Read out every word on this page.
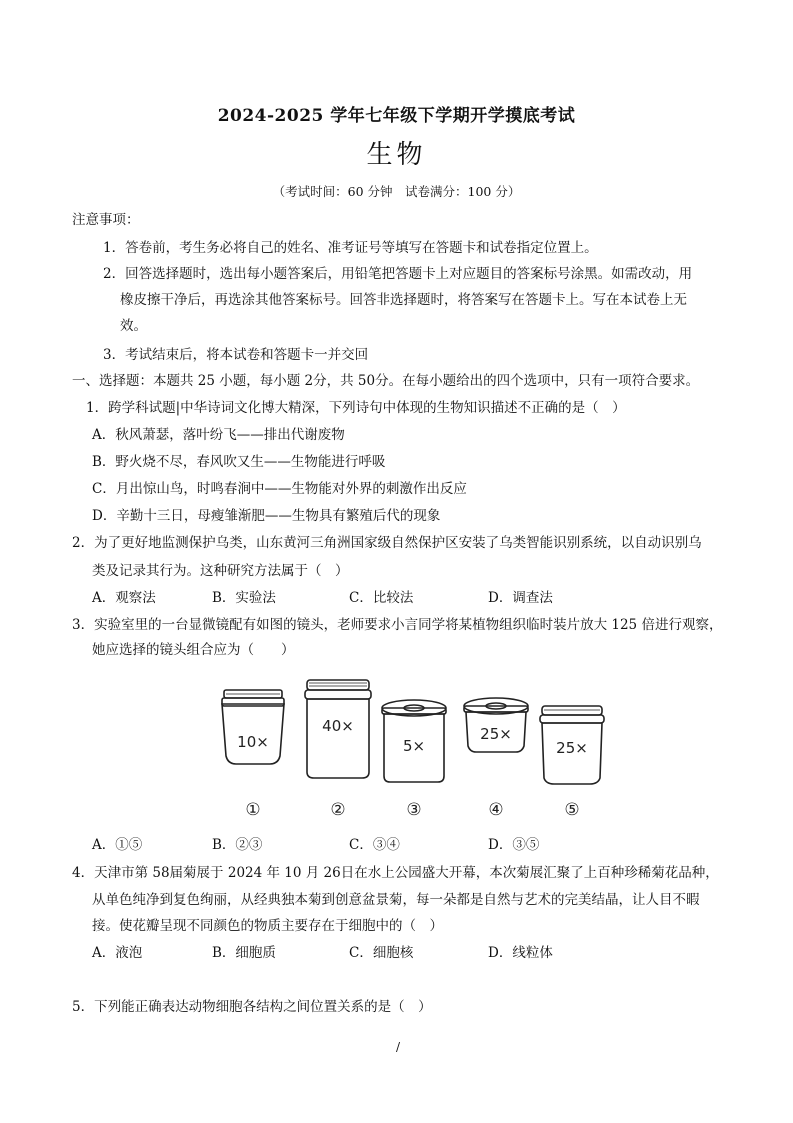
2024-2025 学年七年级下学期开学摸底考试
生物
（考试时间：60 分钟　试卷满分：100 分）
注意事项：
1．答卷前，考生务必将自己的姓名、准考证号等填写在答题卡和试卷指定位置上。
2．回答选择题时，选出每小题答案后，用铅笔把答题卡上对应题目的答案标号涂黑。如需改动，用
橡皮擦干净后，再选涂其他答案标号。回答非选择题时，将答案写在答题卡上。写在本试卷上无
效。
3．考试结束后，将本试卷和答题卡一并交回
一、选择题：本题共 25 小题，每小题 2分，共 50分。在每小题给出的四个选项中，只有一项符合要求。
1．跨学科试题|中华诗词文化博大精深，下列诗句中体现的生物知识描述不正确的是（　）
A．秋风萧瑟，落叶纷飞——排出代谢废物
B．野火烧不尽，春风吹又生——生物能进行呼吸
C．月出惊山鸟，时鸣春涧中——生物能对外界的刺激作出反应
D．辛勤十三日，母瘦雏渐肥——生物具有繁殖后代的现象
2．为了更好地监测保护乌类，山东黄河三角洲国家级自然保护区安装了乌类智能识别系统，以自动识别乌
类及记录其行为。这种研究方法属于（　）
A．观察法	B．实验法	C．比较法	D．调查法
3．实验室里的一台显微镜配有如图的镜头，老师要求小言同学将某植物组织临时装片放大 125 倍进行观察，
她应选择的镜头组合应为（　　）
10×
40×
5×
25×
25×
①	②	③	④	⑤
A．①⑤	B．②③	C．③④	D．③⑤
4．天津市第 58届菊展于 2024 年 10 月 26日在水上公园盛大开幕，本次菊展汇聚了上百种珍稀菊花品种，
从单色纯净到复色绚丽，从经典独本菊到创意盆景菊，每一朵都是自然与艺术的完美结晶，让人目不暇
接。使花瓣呈现不同颜色的物质主要存在于细胞中的（　）
A．液泡	B．细胞质	C．细胞核	D．线粒体
5．下列能正确表达动物细胞各结构之间位置关系的是（　）
/
